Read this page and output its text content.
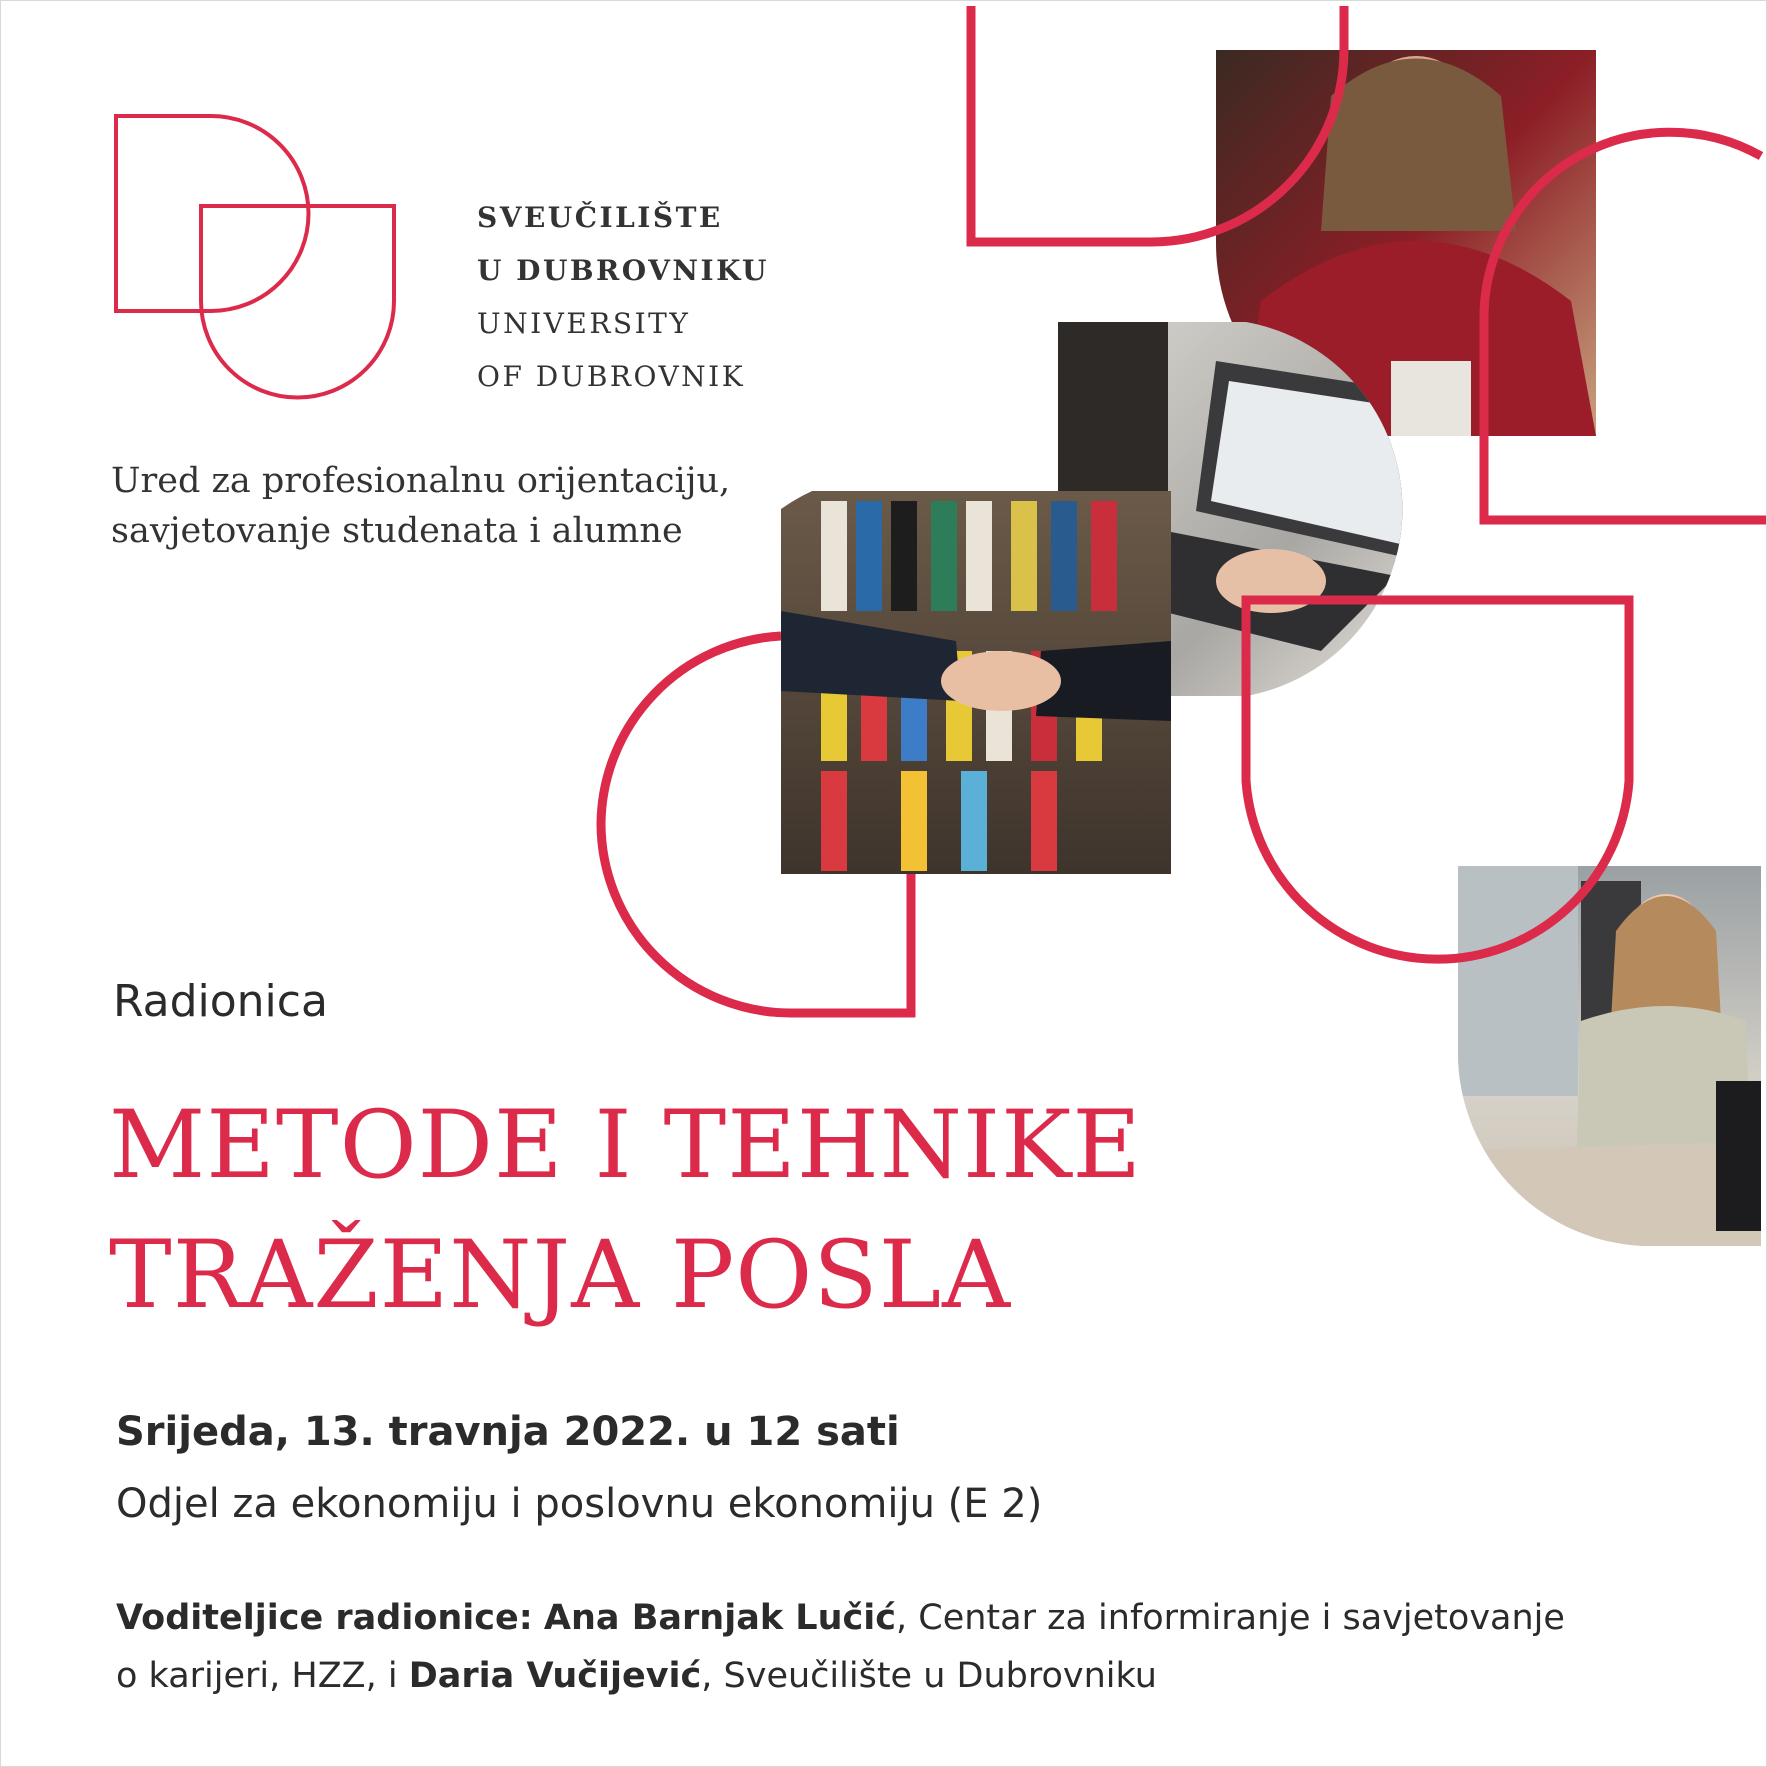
SVEUČILIŠTE
U DUBROVNIKU
UNIVERSITY
OF DUBROVNIK
Ured za profesionalnu orijentaciju,
savjetovanje studenata i alumne
Radionica
METODE I TEHNIKE
TRAŽENJA POSLA
Srijeda, 13. travnja 2022. u 12 sati
Odjel za ekonomiju i poslovnu ekonomiju (E 2)
Voditeljice radionice: Ana Barnjak Lučić, Centar za informiranje i savjetovanje o karijeri, HZZ, i Daria Vučijević, Sveučilište u Dubrovniku
